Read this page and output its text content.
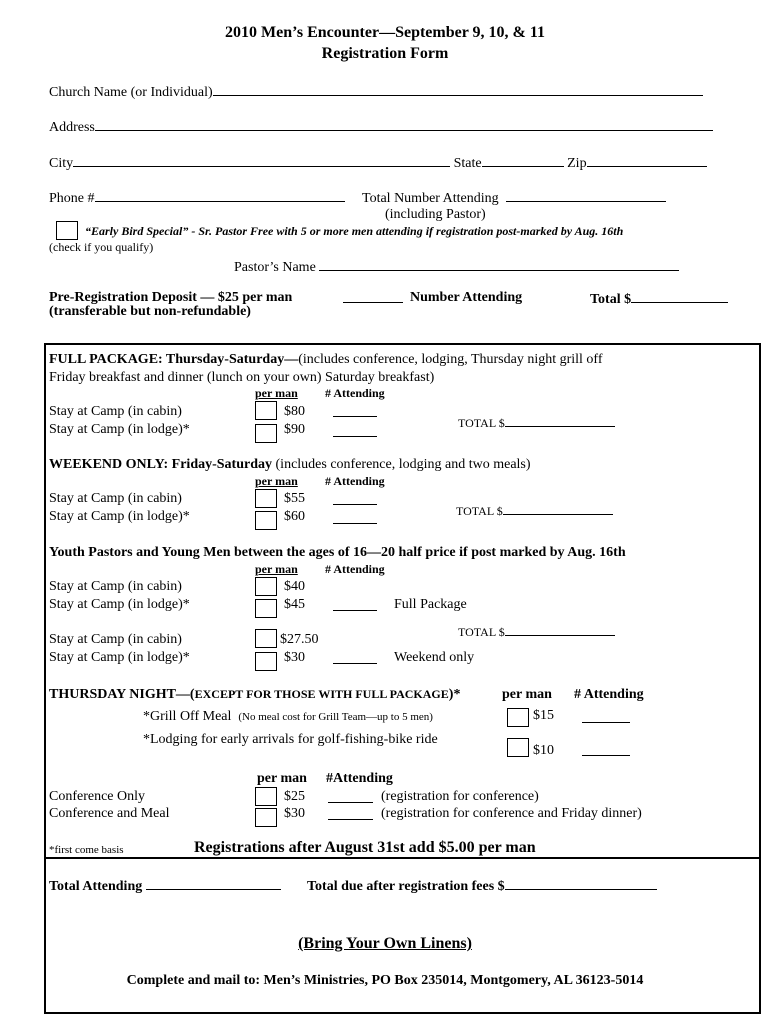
2010 Men’s Encounter—September 9, 10, & 11
Registration Form
Church Name (or Individual)
Address
City	State	Zip
Phone #	Total Number Attending
(including Pastor)
“Early Bird Special” - Sr. Pastor Free with 5 or more men attending if registration post-marked by Aug. 16th
(check if you qualify)
Pastor’s Name
Pre-Registration Deposit — $25 per man
(transferable but non-refundable)
Number Attending	Total $
FULL PACKAGE: Thursday-Saturday—(includes conference, lodging, Thursday night grill off
Friday breakfast and dinner (lunch on your own) Saturday breakfast)
per man # Attending
Stay at Camp (in cabin)	$80
Stay at Camp (in lodge)*	$90	TOTAL $
WEEKEND ONLY: Friday-Saturday (includes conference, lodging and two meals)
per man # Attending
Stay at Camp (in cabin)	$55
Stay at Camp (in lodge)*	$60	TOTAL $
Youth Pastors and Young Men between the ages of 16—20 half price if post marked by Aug. 16th
per man # Attending
Stay at Camp (in cabin)	$40
Stay at Camp (in lodge)*	$45	Full Package
TOTAL $
Stay at Camp (in cabin)	$27.50
Stay at Camp (in lodge)*	$30	Weekend only
THURSDAY NIGHT—(EXCEPT FOR THOSE WITH FULL PACKAGE)*	per man # Attending
*Grill Off Meal (No meal cost for Grill Team—up to 5 men)	$15
*Lodging for early arrivals for golf-fishing-bike ride
$10
per man #Attending
Conference Only	$25	(registration for conference)
Conference and Meal	$30	(registration for conference and Friday dinner)
*first come basis	Registrations after August 31st add $5.00 per man
Total Attending	Total due after registration fees $
(Bring Your Own Linens)
Complete and mail to: Men’s Ministries, PO Box 235014, Montgomery, AL 36123-5014
